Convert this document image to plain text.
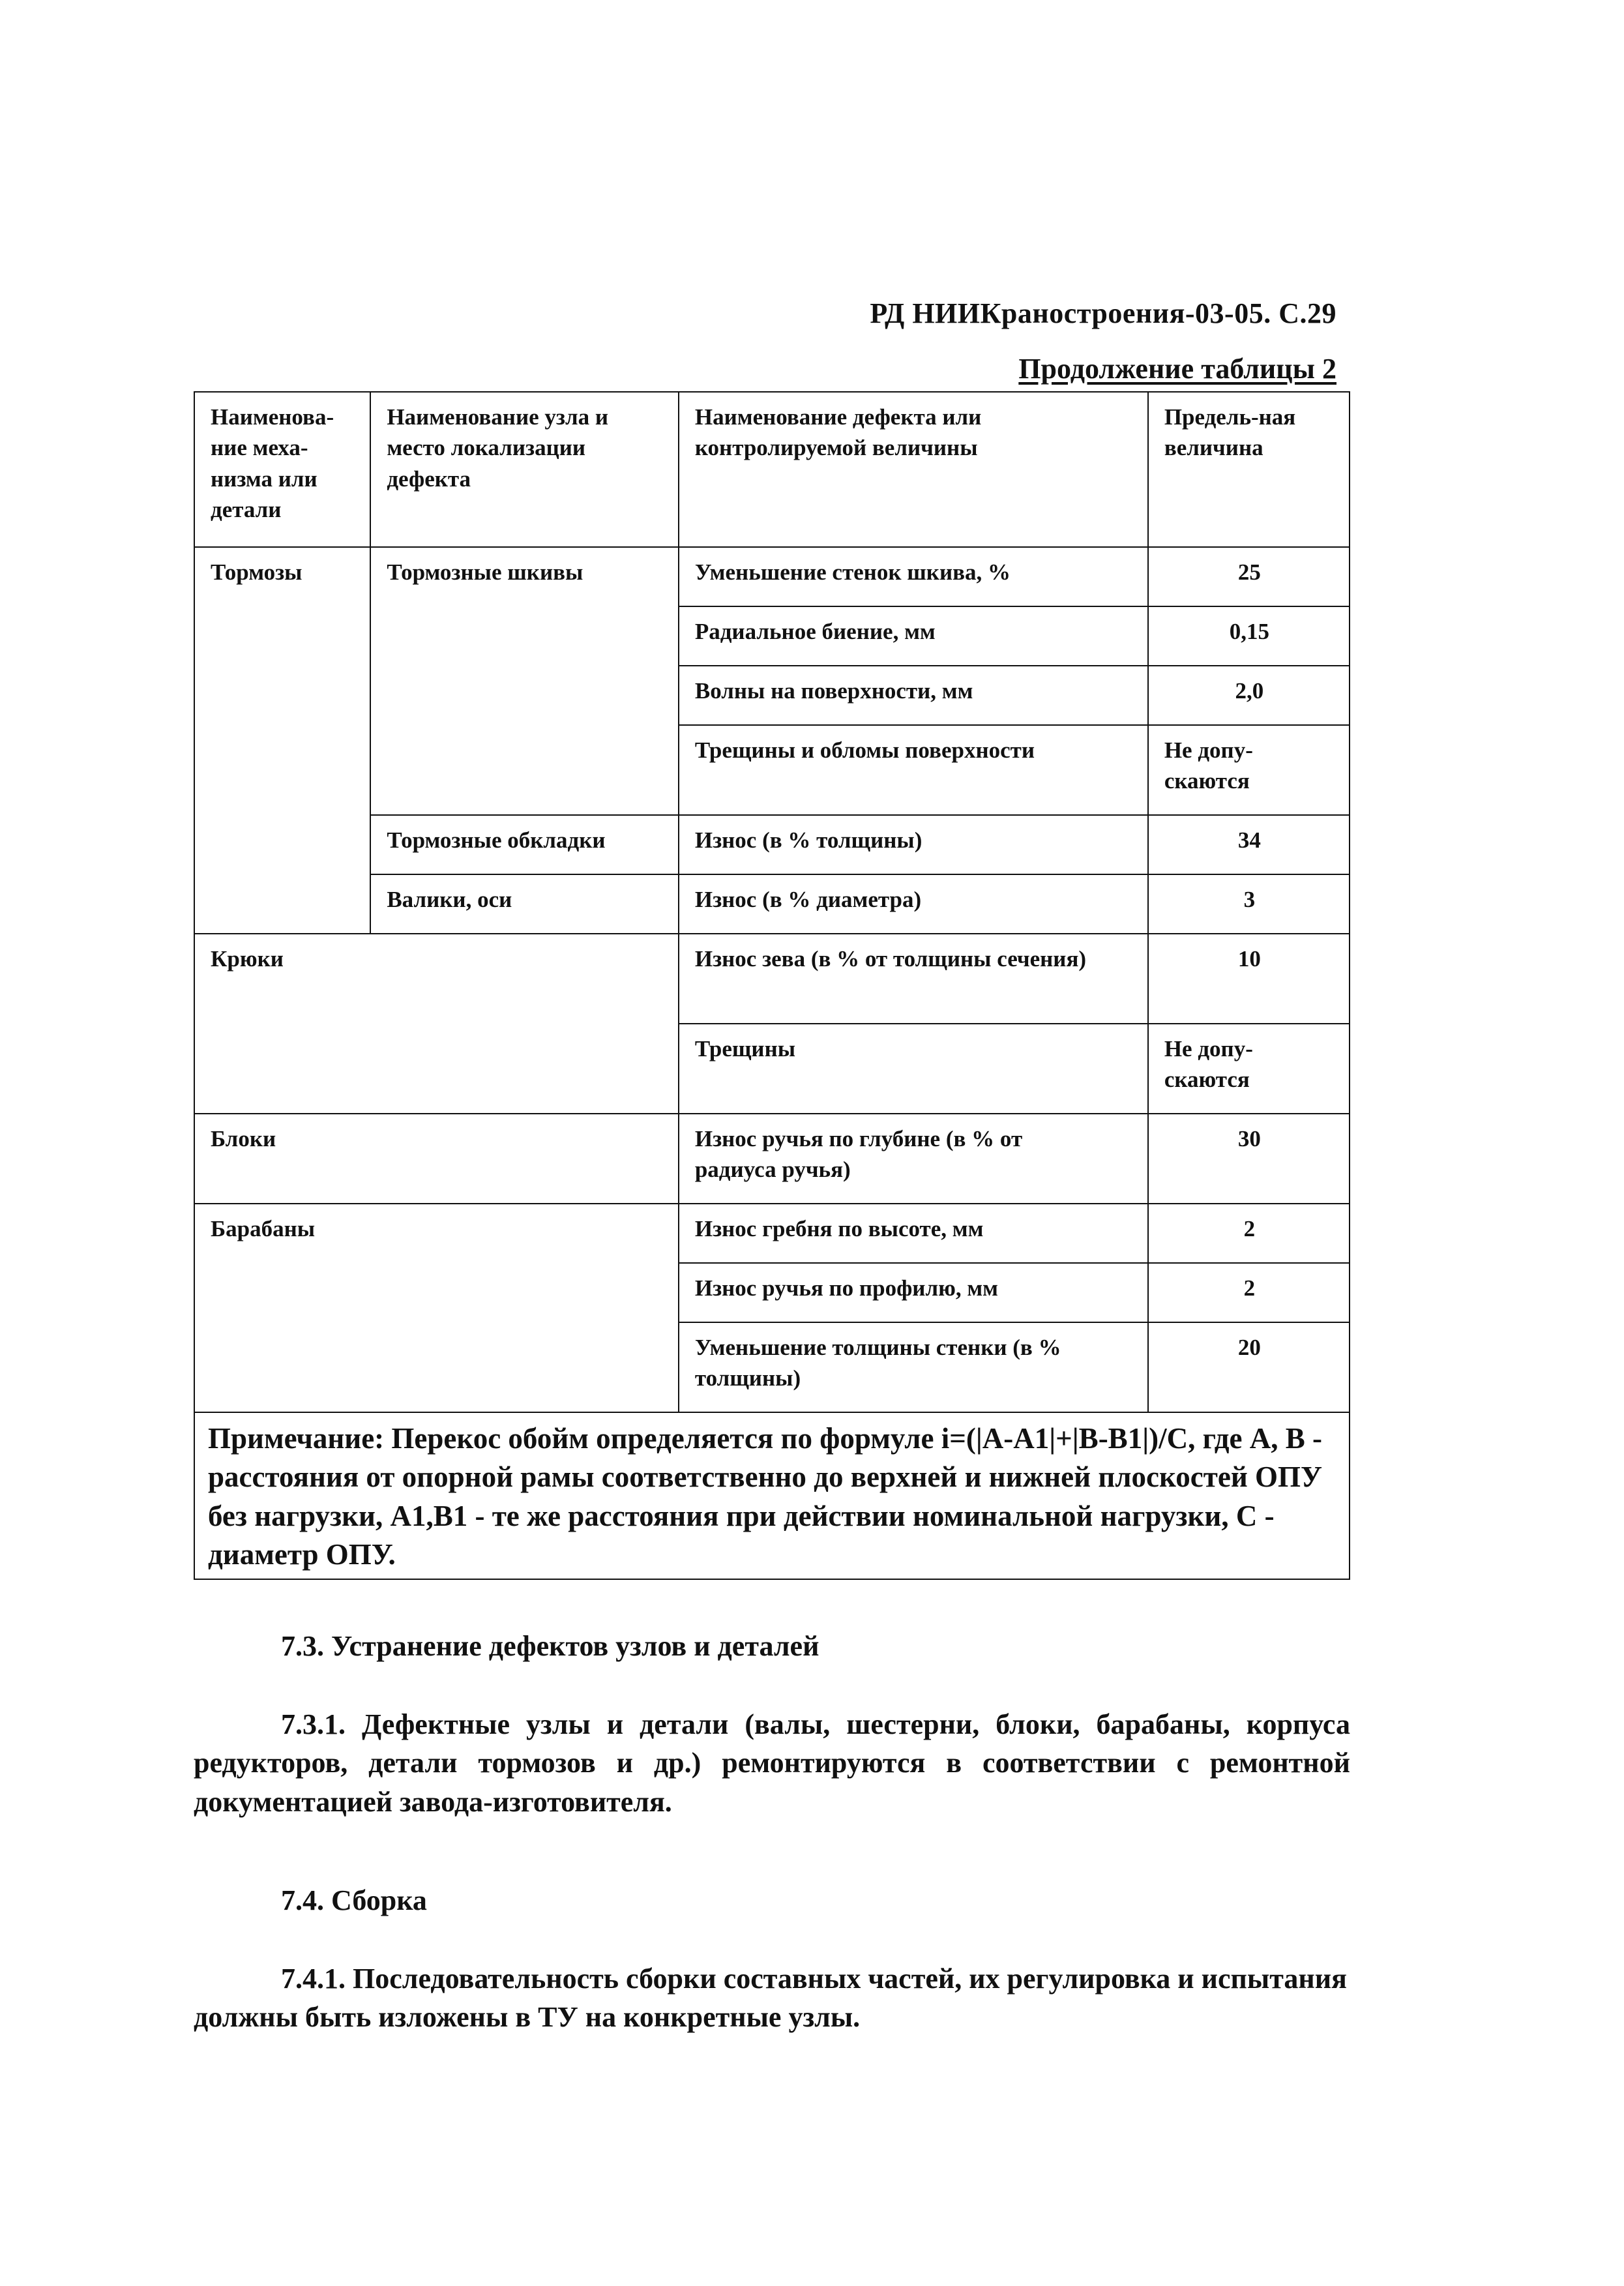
РД НИИКраностроения-03-05. С.29
Продолжение таблицы 2
Наименова-ние меха-низма или детали	Наименование узла и место локализации дефекта	Наименование дефекта или контролируемой величины	Предель-ная величина
Тормозы	Тормозные шкивы	Уменьшение стенок шкива, %	25
		Радиальное биение, мм	0,15
		Волны на поверхности, мм	2,0
		Трещины и обломы поверхности	Не допу-скаются
	Тормозные обкладки	Износ (в % толщины)	34
	Валики, оси	Износ (в % диаметра)	3
Крюки		Износ зева (в % от толщины сечения)	10
		Трещины	Не допу-скаются
Блоки		Износ ручья по глубине (в % от радиуса ручья)	30
Барабаны		Износ гребня по высоте, мм	2
		Износ ручья по профилю, мм	2
		Уменьшение толщины стенки (в % толщины)	20
Примечание: Перекос обойм определяется по формуле i=(|A-A1|+|B-B1|)/C, где A, B - расстояния от опорной рамы соответственно до верхней и нижней плоскостей ОПУ без нагрузки, A1,B1 - те же расстояния при действии номинальной нагрузки, C - диаметр ОПУ.			
7.3. Устранение дефектов узлов и деталей
7.3.1. Дефектные узлы и детали (валы, шестерни, блоки, барабаны, корпуса редукторов, детали тормозов и др.) ремонтируются в соответствии с ремонтной документацией завода-изготовителя.
7.4. Сборка
7.4.1. Последовательность сборки составных частей, их регулировка и испытания должны быть изложены в ТУ на конкретные узлы.
